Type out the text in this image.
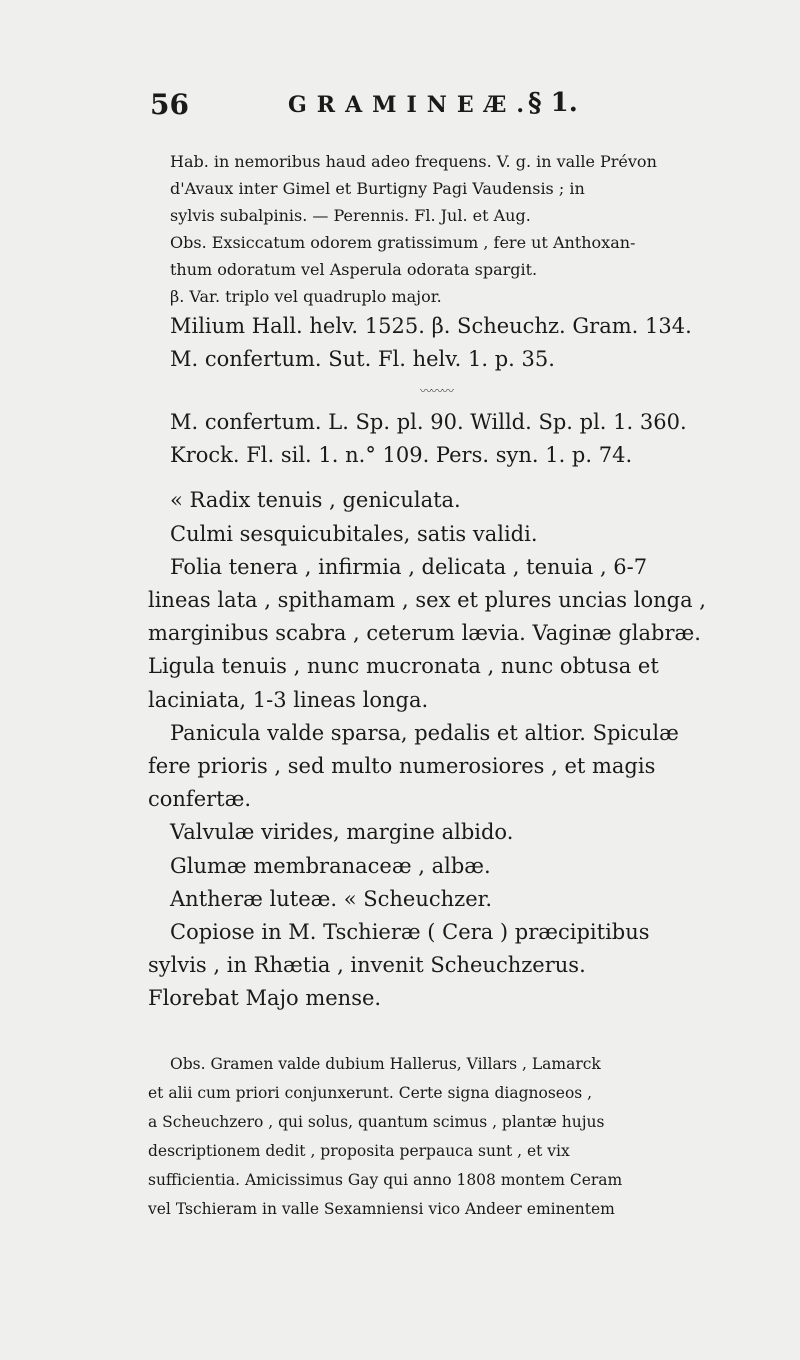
56	GRAMINEÆ.
§ 1.
Hab. in nemoribus haud adeo frequens. V. g. in valle Prévon
d'Avaux inter Gimel et Burtigny Pagi Vaudensis ; in
sylvis subalpinis. — Perennis. Fl. Jul. et Aug.
Obs. Exsiccatum odorem gratissimum , fere ut Anthoxan-
thum odoratum vel Asperula odorata spargit.
β. Var. triplo vel quadruplo major.
Milium Hall. helv. 1525. β. Scheuchz. Gram. 134.
M. confertum. Sut. Fl. helv. 1. p. 35.
〰〰〰
M. confertum. L. Sp. pl. 90. Willd. Sp. pl. 1. 360.
Krock. Fl. sil. 1. n.° 109. Pers. syn. 1. p. 74.
« Radix tenuis , geniculata.
Culmi sesquicubitales, satis validi.
Folia tenera , infirmia , delicata , tenuia , 6-7
lineas lata , spithamam , sex et plures uncias longa ,
marginibus scabra , ceterum lævia. Vaginæ glabræ.
Ligula tenuis , nunc mucronata , nunc obtusa et
laciniata, 1-3 lineas longa.
Panicula valde sparsa, pedalis et altior. Spiculæ
fere prioris , sed multo numerosiores , et magis
confertæ.
Valvulæ virides, margine albido.
Glumæ membranaceæ , albæ.
Antheræ luteæ. « Scheuchzer.
Copiose in M. Tschieræ ( Cera ) præcipitibus
sylvis , in Rhætia , invenit Scheuchzerus.
Florebat Majo mense.
Obs. Gramen valde dubium Hallerus, Villars , Lamarck
et alii cum priori conjunxerunt. Certe signa diagnoseos ,
a Scheuchzero , qui solus, quantum scimus , plantæ hujus
descriptionem dedit , proposita perpauca sunt , et vix
sufficientia. Amicissimus Gay qui anno 1808 montem Ceram
vel Tschieram in valle Sexamniensi vico Andeer eminentem
